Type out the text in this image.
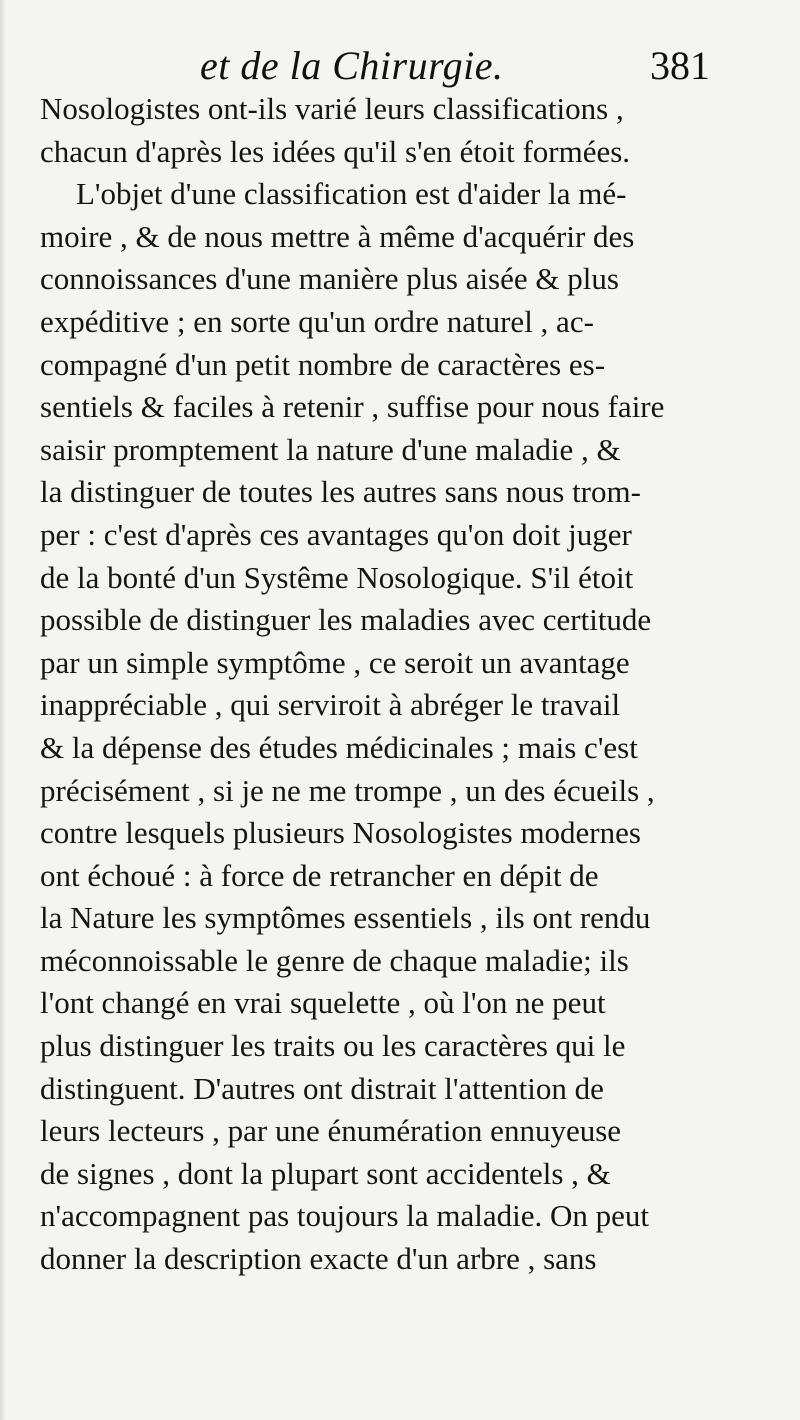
et de la Chirurgie.	381
Nosologistes ont-ils varié leurs classifications ,
chacun d'après les idées qu'il s'en étoit formées.
L'objet d'une classification est d'aider la mé-
moire , & de nous mettre à même d'acquérir des
connoissances d'une manière plus aisée & plus
expéditive ; en sorte qu'un ordre naturel , ac-
compagné d'un petit nombre de caractères es-
sentiels & faciles à retenir , suffise pour nous faire
saisir promptement la nature d'une maladie , &
la distinguer de toutes les autres sans nous trom-
per : c'est d'après ces avantages qu'on doit juger
de la bonté d'un Systême Nosologique. S'il étoit
possible de distinguer les maladies avec certitude
par un simple symptôme , ce seroit un avantage
inappréciable , qui serviroit à abréger le travail
& la dépense des études médicinales ; mais c'est
précisément , si je ne me trompe , un des écueils ,
contre lesquels plusieurs Nosologistes modernes
ont échoué : à force de retrancher en dépit de
la Nature les symptômes essentiels , ils ont rendu
méconnoissable le genre de chaque maladie; ils
l'ont changé en vrai squelette , où l'on ne peut
plus distinguer les traits ou les caractères qui le
distinguent. D'autres ont distrait l'attention de
leurs lecteurs , par une énumération ennuyeuse
de signes , dont la plupart sont accidentels , &
n'accompagnent pas toujours la maladie. On peut
donner la description exacte d'un arbre , sans
